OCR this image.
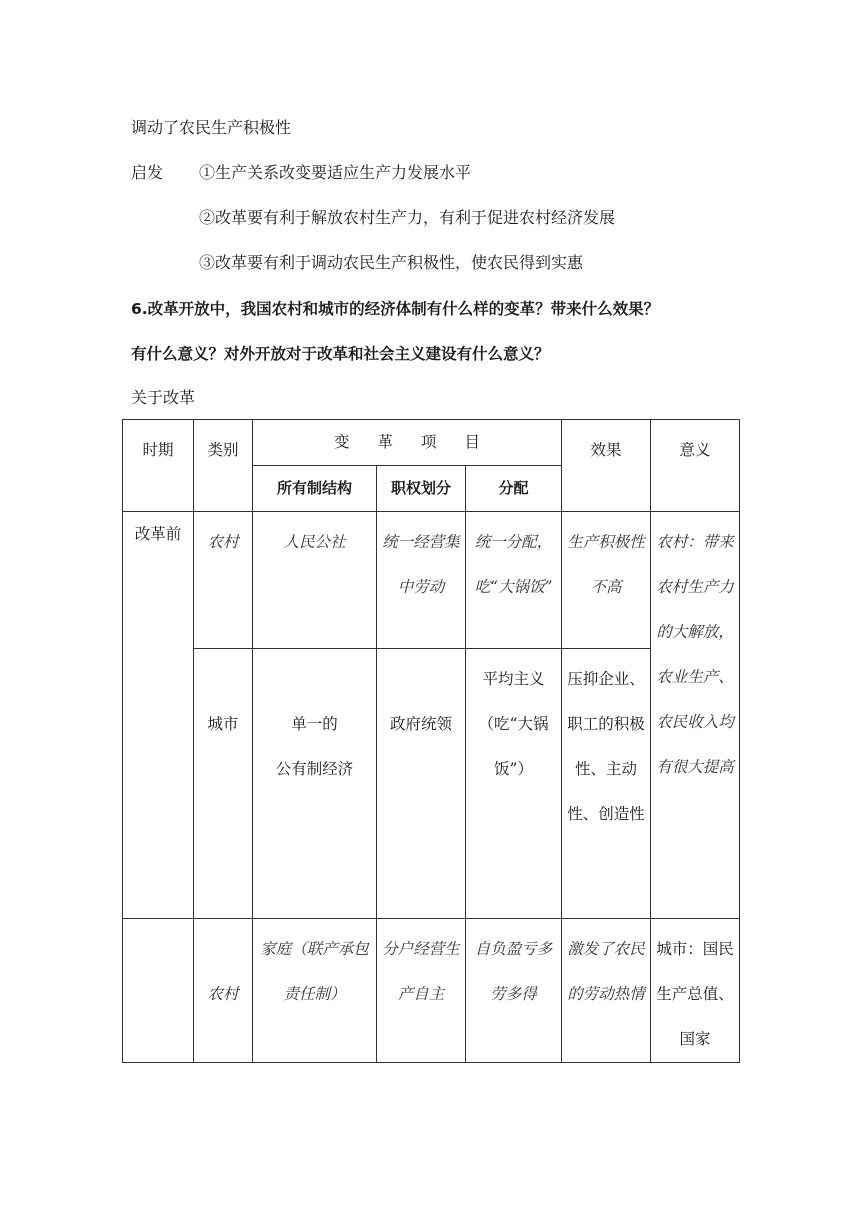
调动了农民生产积极性
启发 ①生产关系改变要适应生产力发展水平
②改革要有利于解放农村生产力，有利于促进农村经济发展
③改革要有利于调动农民生产积极性，使农民得到实惠
6.改革开放中，我国农村和城市的经济体制有什么样的变革？带来什么效果？
有什么意义？对外开放对于改革和社会主义建设有什么意义？
关于改革
时期	类别	变革项目			效果	意义
		所有制结构	职权划分	分配		
改革前	农村	人民公社	统一经营集中劳动	统一分配，吃“大锅饭”	生产积极性不高	农村：带来农村生产力的大解放，农业生产、农民收入均有很大提高
	城市	单一的
公有制经济	政府统领	平均主义（吃“大锅饭”）	压抑企业、职工的积极性、主动性、创造性	
	农村	家庭（联产承包责任制）	分户经营生产自主	自负盈亏多劳多得	激发了农民的劳动热情	城市：国民生产总值、国家
